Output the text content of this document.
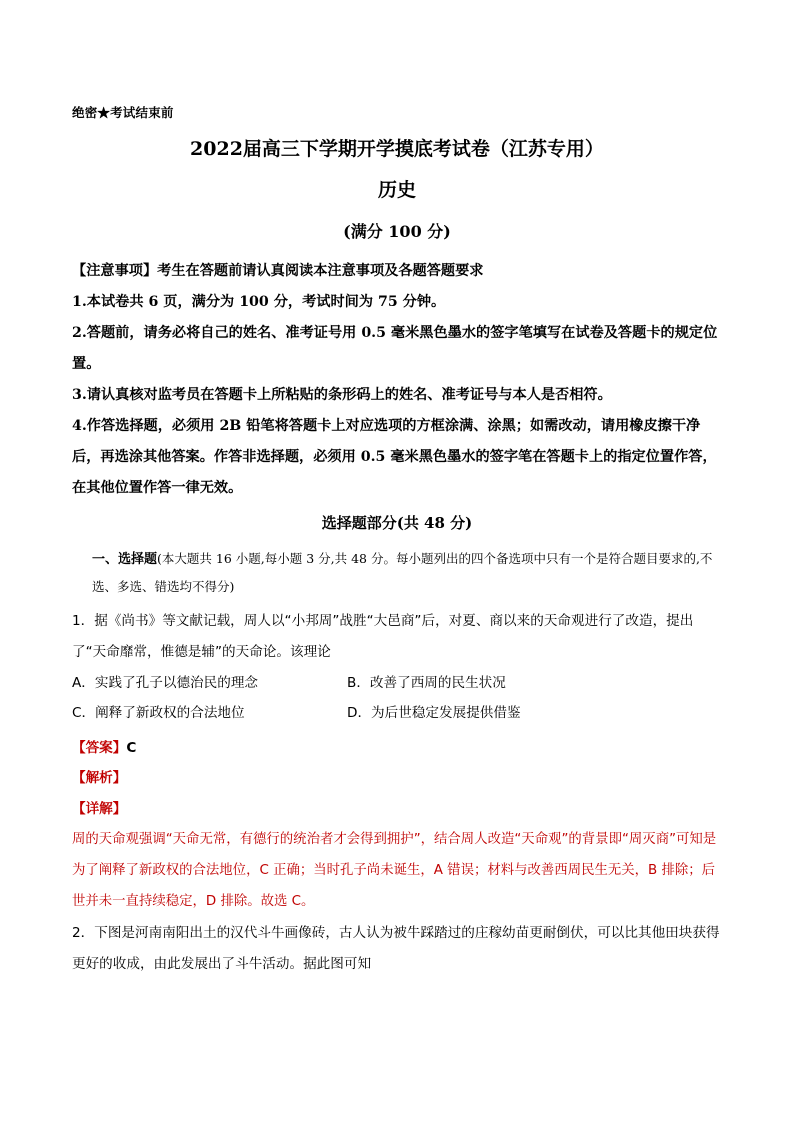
绝密★考试结束前
2022届高三下学期开学摸底考试卷（江苏专用）
历史
(满分 100 分)

【注意事项】考生在答题前请认真阅读本注意事项及各题答题要求

1.本试卷共 6 页，满分为 100 分，考试时间为 75 分钟。

2.答题前，请务必将自己的姓名、准考证号用 0.5 毫米黑色墨水的签字笔填写在试卷及答题卡的规定位置。

3.请认真核对监考员在答题卡上所粘贴的条形码上的姓名、准考证号与本人是否相符。

4.作答选择题，必须用 2B 铅笔将答题卡上对应选项的方框涂满、涂黑；如需改动，请用橡皮擦干净后，再选涂其他答案。作答非选择题，必须用 0.5 毫米黑色墨水的签字笔在答题卡上的指定位置作答，在其他位置作答一律无效。

选择题部分(共 48 分)
一、选择题(本大题共 16 小题,每小题 3 分,共 48 分。每小题列出的四个备选项中只有一个是符合题目要求的,不选、多选、错选均不得分)

1．据《尚书》等文献记载，周人以“小邦周”战胜“大邑商”后，对夏、商以来的天命观进行了改造，提出了“天命靡常，惟德是辅”的天命论。该理论

A．实践了孔子以德治民的理念	B．改善了西周的民生状况
C．阐释了新政权的合法地位	D．为后世稳定发展提供借鉴
【答案】C
【解析】
【详解】

周的天命观强调“天命无常，有德行的统治者才会得到拥护”，结合周人改造“天命观”的背景即“周灭商”可知是为了阐释了新政权的合法地位，C 正确；当时孔子尚未诞生，A 错误；材料与改善西周民生无关，B 排除；后世并未一直持续稳定，D 排除。故选 C。

2．下图是河南南阳出土的汉代斗牛画像砖，古人认为被牛踩踏过的庄稼幼苗更耐倒伏，可以比其他田块获得更好的收成，由此发展出了斗牛活动。据此图可知
